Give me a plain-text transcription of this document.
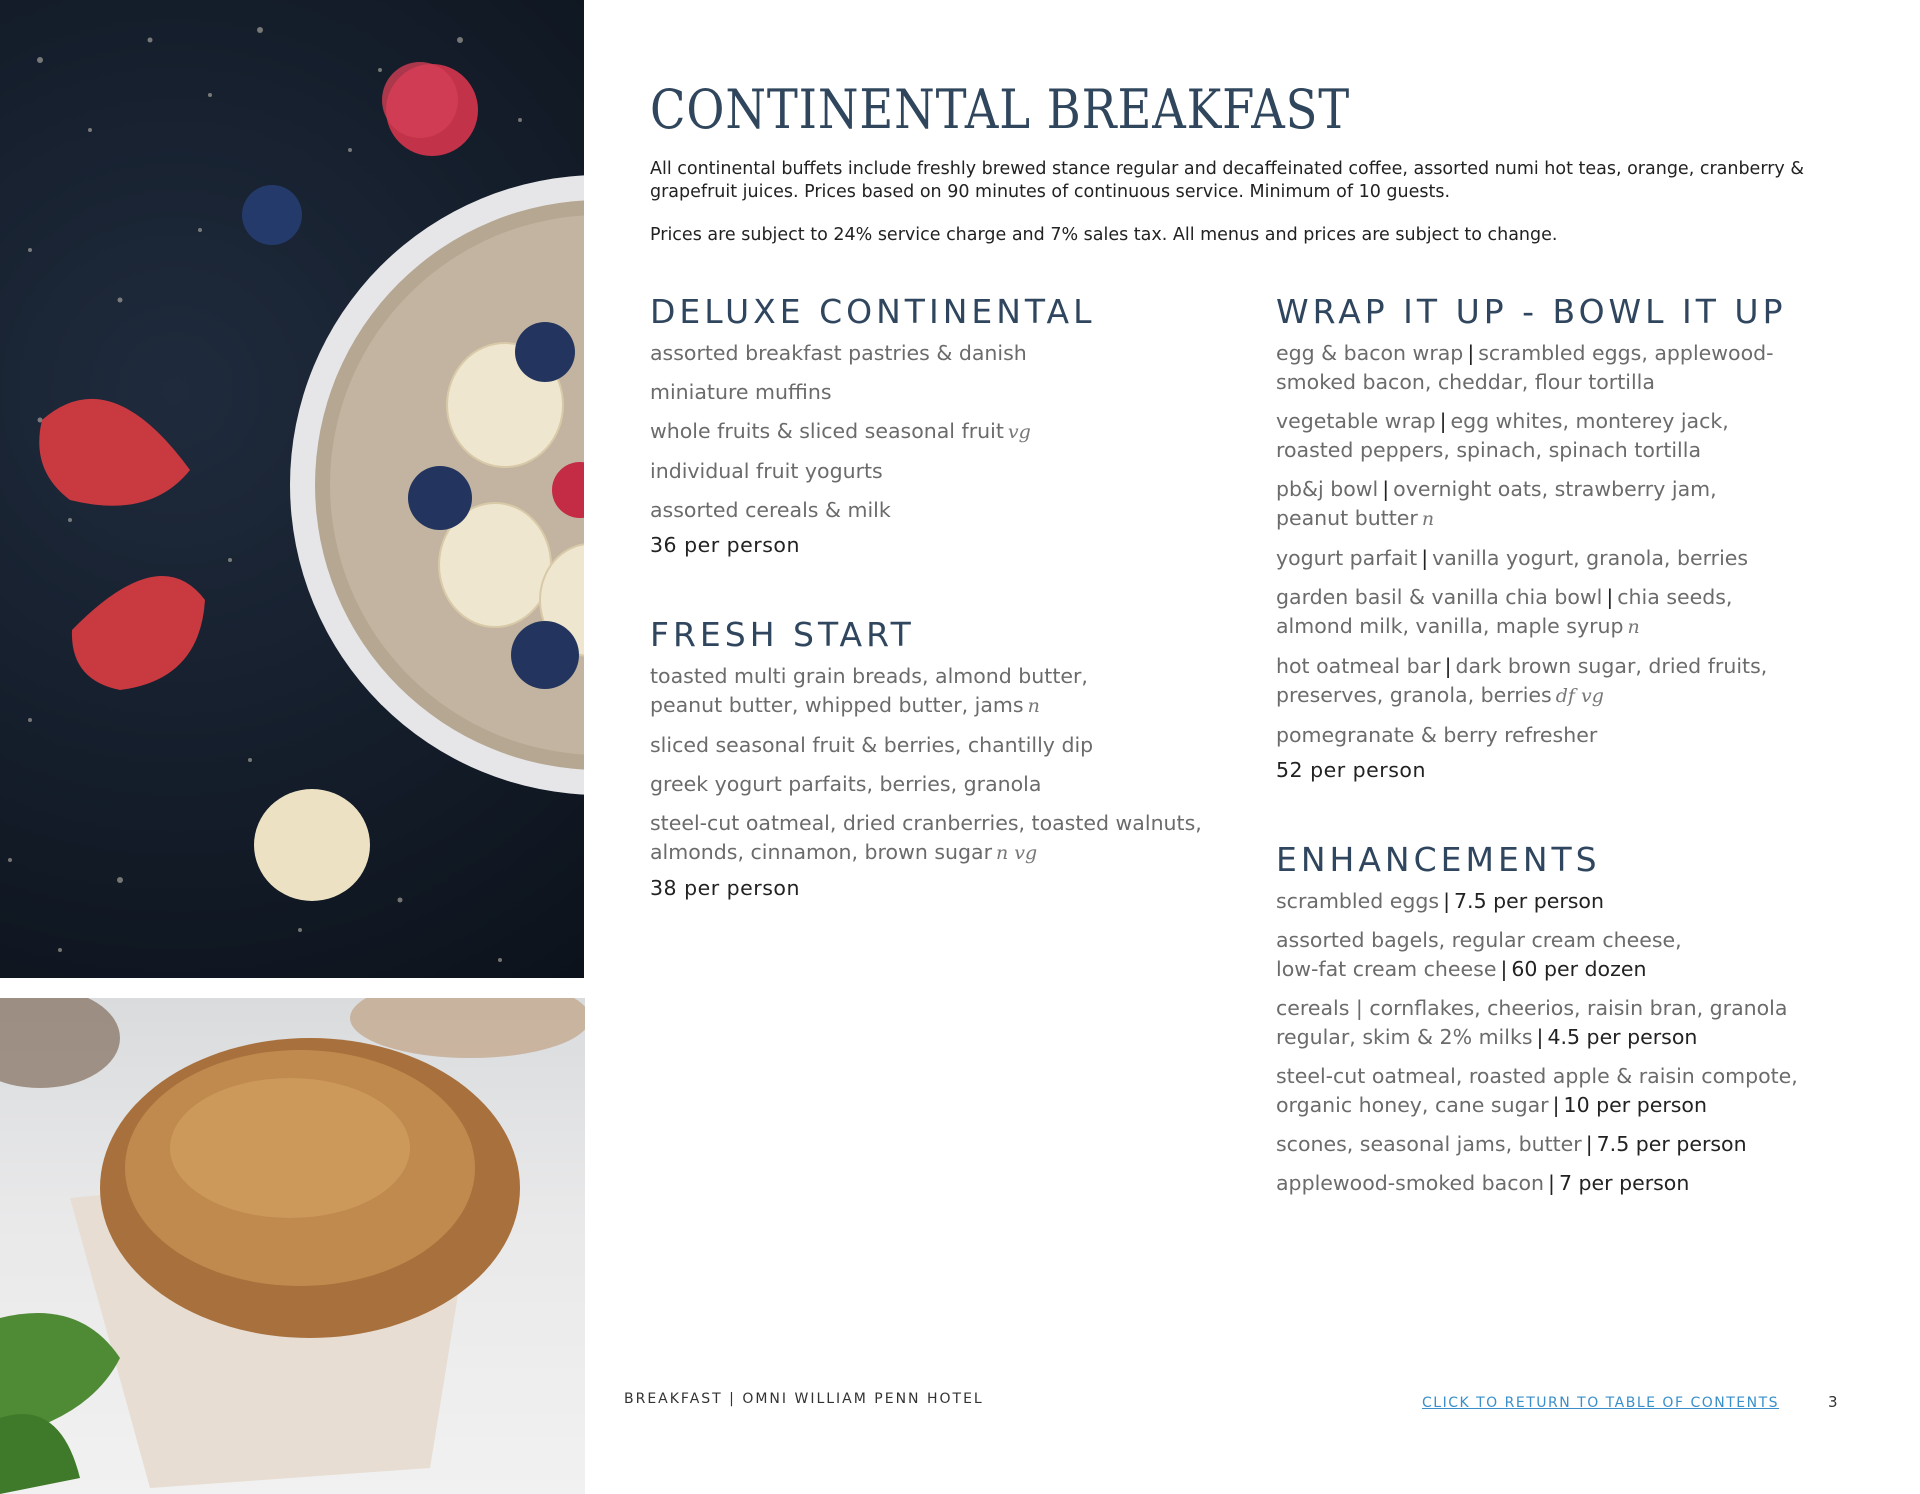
CONTINENTAL BREAKFAST

All continental buffets include freshly brewed stance regular and decaffeinated coffee, assorted numi hot teas, orange, cranberry & grapefruit juices. Prices based on 90 minutes of continuous service. Minimum of 10 guests.

Prices are subject to 24% service charge and 7% sales tax. All menus and prices are subject to change.

DELUXE CONTINENTAL
assorted breakfast pastries & danish
miniature muffins
whole fruits & sliced seasonal fruit vg
individual fruit yogurts
assorted cereals & milk
36 per person
FRESH START
toasted multi grain breads, almond butter, peanut butter, whipped butter, jams n
sliced seasonal fruit & berries, chantilly dip
greek yogurt parfaits, berries, granola
steel-cut oatmeal, dried cranberries, toasted walnuts, almonds, cinnamon, brown sugar n vg
38 per person
WRAP IT UP - BOWL IT UP
egg & bacon wrap | scrambled eggs, applewood-smoked bacon, cheddar, flour tortilla
vegetable wrap | egg whites, monterey jack, roasted peppers, spinach, spinach tortilla
pb&j bowl | overnight oats, strawberry jam, peanut butter n
yogurt parfait | vanilla yogurt, granola, berries
garden basil & vanilla chia bowl | chia seeds, almond milk, vanilla, maple syrup n
hot oatmeal bar | dark brown sugar, dried fruits, preserves, granola, berries df vg
pomegranate & berry refresher
52 per person
ENHANCEMENTS
scrambled eggs | 7.5 per person
assorted bagels, regular cream cheese, low-fat cream cheese | 60 per dozen
cereals | cornflakes, cheerios, raisin bran, granola regular, skim & 2% milks | 4.5 per person
steel-cut oatmeal, roasted apple & raisin compote, organic honey, cane sugar | 10 per person
scones, seasonal jams, butter | 7.5 per person
applewood-smoked bacon | 7 per person
BREAKFAST | OMNI WILLIAM PENN HOTEL	CLICK TO RETURN TO TABLE OF CONTENTS	3
